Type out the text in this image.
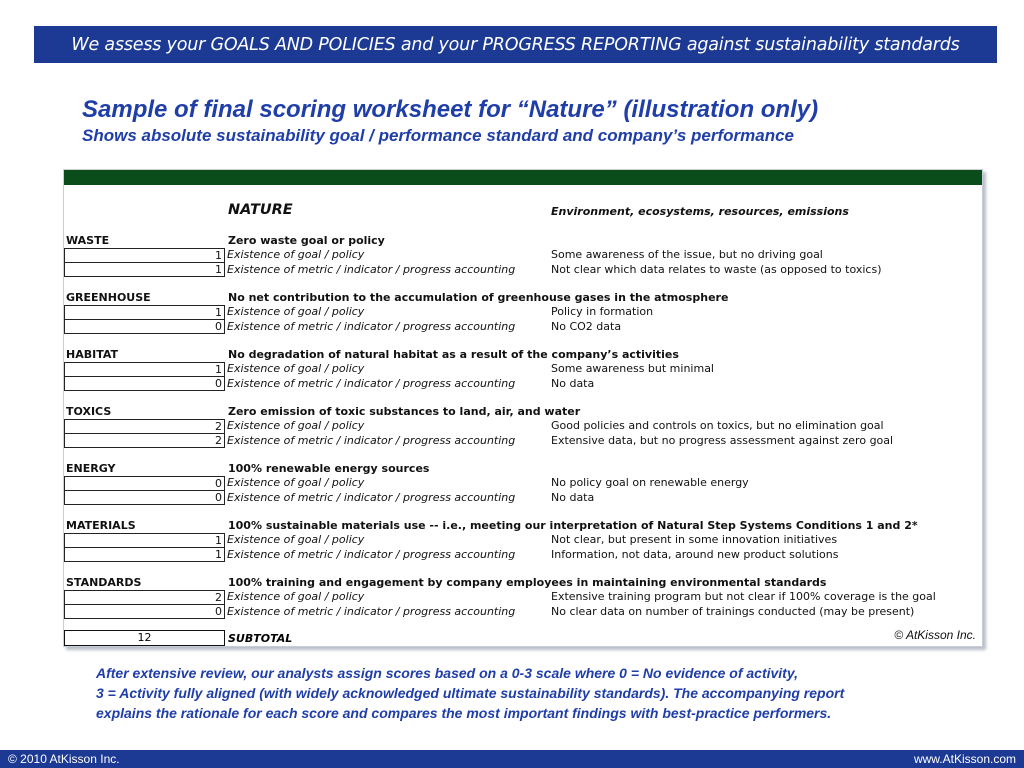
We assess your GOALS AND POLICIES and your PROGRESS REPORTING against sustainability standards
Sample of final scoring worksheet for “Nature” (illustration only)
Shows absolute sustainability goal / performance standard and company’s performance
NATURE	Environment, ecosystems, resources, emissions
12	SUBTOTAL	© AtKisson Inc.
WASTE	Zero waste goal or policy
1 Existence of goal / policy	Some awareness of the issue, but no driving goal
1 Existence of metric / indicator / progress accounting	Not clear which data relates to waste (as opposed to toxics)
GREENHOUSE	No net contribution to the accumulation of greenhouse gases in the atmosphere
1 Existence of goal / policy	Policy in formation
0 Existence of metric / indicator / progress accounting	No CO2 data
HABITAT	No degradation of natural habitat as a result of the company’s activities
1 Existence of goal / policy	Some awareness but minimal
0 Existence of metric / indicator / progress accounting	No data
TOXICS	Zero emission of toxic substances to land, air, and water
2 Existence of goal / policy	Good policies and controls on toxics, but no elimination goal
2 Existence of metric / indicator / progress accounting	Extensive data, but no progress assessment against zero goal
ENERGY	100% renewable energy sources
0 Existence of goal / policy	No policy goal on renewable energy
0 Existence of metric / indicator / progress accounting	No data
MATERIALS	100% sustainable materials use -- i.e., meeting our interpretation of Natural Step Systems Conditions 1 and 2*
1 Existence of goal / policy	Not clear, but present in some innovation initiatives
1 Existence of metric / indicator / progress accounting	Information, not data, around new product solutions
STANDARDS	100% training and engagement by company employees in maintaining environmental standards
2 Existence of goal / policy	Extensive training program but not clear if 100% coverage is the goal
0 Existence of metric / indicator / progress accounting	No clear data on number of trainings conducted (may be present)
After extensive review, our analysts assign scores based on a 0-3 scale where 0 = No evidence of activity,
3 = Activity fully aligned (with widely acknowledged ultimate sustainability standards). The accompanying report
explains the rationale for each score and compares the most important findings with best-practice performers.
© 2010 AtKisson Inc.	www.AtKisson.com
